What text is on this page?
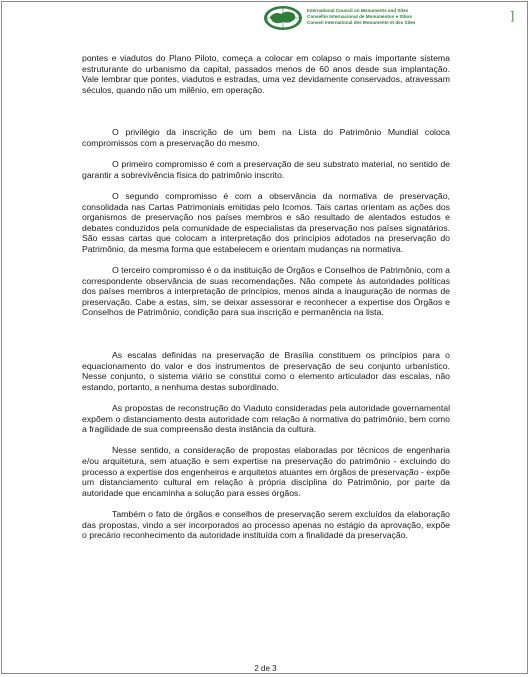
International Council on Monuments and Sites
Conselho Internacional de Monumentos e Sítios
Conseil International des Monuments et des Sites
]

pontes e viadutos do Plano Piloto, começa a colocar em colapso o mais importante sistema estruturante do urbanismo da capital, passados menos de 60 anos desde sua implantação. Vale lembrar que pontes, viadutos e estradas, uma vez devidamente conservados, atravessam séculos, quando não um milênio, em operação.

O privilégio da inscrição de um bem na Lista do Patrimônio Mundial coloca compromissos com a preservação do mesmo.

O primeiro compromisso é com a preservação de seu substrato material, no sentido de garantir a sobrevivência física do patrimônio inscrito.

O segundo compromisso é com a observância da normativa de preservação, consolidada nas Cartas Patrimoniais emitidas pelo Icomos. Tais cartas orientam as ações dos organismos de preservação nos países membros e são resultado de alentados estudos e debates conduzidos pela comunidade de especialistas da preservação nos países signatários. São essas cartas que colocam a interpretação dos princípios adotados na preservação do Patrimônio, da mesma forma que estabelecem e orientam mudanças na normativa.

O terceiro compromisso é o da instituição de Órgãos e Conselhos de Patrimônio, com a correspondente observância de suas recomendações. Não compete às autoridades políticas dos países membros a interpretação de princípios, menos ainda a inauguração de normas de preservação. Cabe a estas, sim, se deixar assessorar e reconhecer a expertise dos Órgãos e Conselhos de Patrimônio, condição para sua inscrição e permanência na lista.

As escalas definidas na preservação de Brasília constituem os princípios para o equacionamento do valor e dos instrumentos de preservação de seu conjunto urbanístico. Nesse conjunto, o sistema viário se constitui como o elemento articulador das escalas, não estando, portanto, a nenhuma destas subordinado.

As propostas de reconstrução do Viaduto consideradas pela autoridade governamental expõem o distanciamento desta autoridade com relação à normativa do patrimônio, bem como a fragilidade de sua compreensão desta instância da cultura.

Nesse sentido, a consideração de propostas elaboradas por técnicos de engenharia e/ou arquitetura, sem atuação e sem expertise na preservação do patrimônio - excluindo do processo a expertise dos engenheiros e arquitetos atuantes em órgãos de preservação - expõe um distanciamento cultural em relação à própria disciplina do Patrimônio, por parte da autoridade que encaminha a solução para esses órgãos.

Também o fato de órgãos e conselhos de preservação serem excluídos da elaboração das propostas, vindo a ser incorporados ao processo apenas no estágio da aprovação, expõe o precário reconhecimento da autoridade instituída com a finalidade da preservação.

2 de 3
